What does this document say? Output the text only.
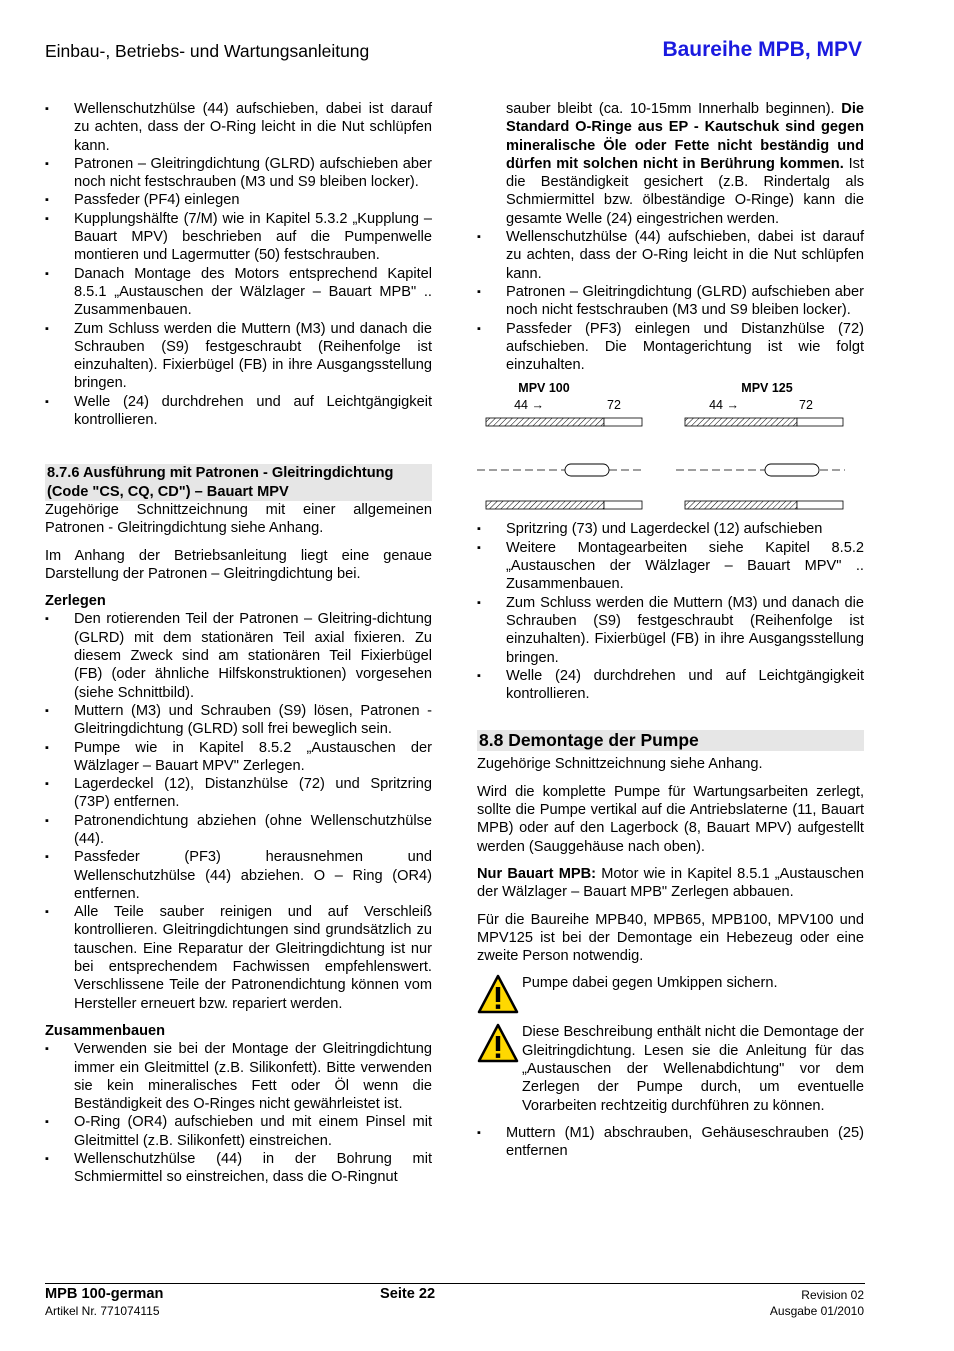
Einbau-, Betriebs- und Wartungsanleitung	Baureihe MPB, MPV
▪ Wellenschutzhülse (44) aufschieben, dabei ist darauf zu achten, dass der O-Ring leicht in die Nut schlüpfen kann.
▪ Patronen – Gleitringdichtung (GLRD) aufschieben aber noch nicht festschrauben (M3 und S9 bleiben locker).
▪ Passfeder (PF4) einlegen
▪ Kupplungshälfte (7/M) wie in Kapitel 5.3.2 „Kupplung – Bauart MPV) beschrieben auf die Pumpenwelle montieren und Lagermutter (50) festschrauben.
▪ Danach Montage des Motors entsprechend Kapitel 8.5.1 „Austauschen der Wälzlager – Bauart MPB" .. Zusammenbauen.
▪ Zum Schluss werden die Muttern (M3) und danach die Schrauben (S9) festgeschraubt (Reihenfolge ist einzuhalten). Fixierbügel (FB) in ihre Ausgangsstellung bringen.
▪ Welle (24) durchdrehen und auf Leichtgängigkeit kontrollieren.
8.7.6 Ausführung mit Patronen - Gleitringdichtung (Code "CS, CQ, CD") – Bauart MPV

Zugehörige Schnittzeichnung mit einer allgemeinen Patronen - Gleitringdichtung siehe Anhang.

Im Anhang der Betriebsanleitung liegt eine genaue Darstellung der Patronen – Gleitringdichtung bei.

Zerlegen
▪ Den rotierenden Teil der Patronen – Gleitring-dichtung (GLRD) mit dem stationären Teil axial fixieren. Zu diesem Zweck sind am stationären Teil Fixierbügel (FB) (oder ähnliche Hilfskonstruktionen) vorgesehen (siehe Schnittbild).
▪ Muttern (M3) und Schrauben (S9) lösen, Patronen - Gleitringdichtung (GLRD) soll frei beweglich sein.
▪ Pumpe wie in Kapitel 8.5.2 „Austauschen der Wälzlager – Bauart MPV" Zerlegen.
▪ Lagerdeckel (12), Distanzhülse (72) und Spritzring (73P) entfernen.
▪ Patronendichtung abziehen (ohne Wellenschutzhülse (44).
▪ Passfeder (PF3) herausnehmen und Wellenschutzhülse (44) abziehen. O – Ring (OR4) entfernen.
▪ Alle Teile sauber reinigen und auf Verschleiß kontrollieren. Gleitringdichtungen sind grundsätzlich zu tauschen. Eine Reparatur der Gleitringdichtung ist nur bei entsprechendem Fachwissen empfehlenswert. Verschlissene Teile der Patronendichtung können vom Hersteller erneuert bzw. repariert werden.
Zusammenbauen
▪ Verwenden sie bei der Montage der Gleitringdichtung immer ein Gleitmittel (z.B. Silikonfett). Bitte verwenden sie kein mineralisches Fett oder Öl wenn die Beständigkeit des O-Ringes nicht gewährleistet ist.
▪ O-Ring (OR4) aufschieben und mit einem Pinsel mit Gleitmittel (z.B. Silikonfett) einstreichen.
▪ Wellenschutzhülse (44) in der Bohrung mit Schmiermittel so einstreichen, dass die O-Ringnut

sauber bleibt (ca. 10-15mm Innerhalb beginnen). Die Standard O-Ringe aus EP - Kautschuk sind gegen mineralische Öle oder Fette nicht beständig und dürfen mit solchen nicht in Berührung kommen. Ist die Beständigkeit gesichert (z.B. Rindertalg als Schmiermittel bzw. ölbeständige O-Ringe) kann die gesamte Welle (24) eingestrichen werden.

▪ Wellenschutzhülse (44) aufschieben, dabei ist darauf zu achten, dass der O-Ring leicht in die Nut schlüpfen kann.
▪ Patronen – Gleitringdichtung (GLRD) aufschieben aber noch nicht festschrauben (M3 und S9 bleiben locker).
▪ Passfeder (PF3) einlegen und Distanzhülse (72) aufschieben. Die Montagerichtung ist wie folgt einzuhalten.
MPV 100
44 →	72
MPV 125
44 →	72
▪ Spritzring (73) und Lagerdeckel (12) aufschieben
▪ Weitere Montagearbeiten siehe Kapitel 8.5.2 „Austauschen der Wälzlager – Bauart MPV" .. Zusammenbauen.
▪ Zum Schluss werden die Muttern (M3) und danach die Schrauben (S9) festgeschraubt (Reihenfolge ist einzuhalten). Fixierbügel (FB) in ihre Ausgangsstellung bringen.
▪ Welle (24) durchdrehen und auf Leichtgängigkeit kontrollieren.
8.8 Demontage der Pumpe

Zugehörige Schnittzeichnung siehe Anhang.

Wird die komplette Pumpe für Wartungsarbeiten zerlegt, sollte die Pumpe vertikal auf die Antriebslaterne (11, Bauart MPB) oder auf den Lagerbock (8, Bauart MPV) aufgestellt werden (Sauggehäuse nach oben).

Nur Bauart MPB: Motor wie in Kapitel 8.5.1 „Austauschen der Wälzlager – Bauart MPB" Zerlegen abbauen.

Für die Baureihe MPB40, MPB65, MPB100, MPV100 und MPV125 ist bei der Demontage ein Hebezeug oder eine zweite Person notwendig.

Pumpe dabei gegen Umkippen sichern.

Diese Beschreibung enthält nicht die Demontage der Gleitringdichtung. Lesen sie die Anleitung für das „Austauschen der Wellenabdichtung" vor dem Zerlegen der Pumpe durch, um eventuelle Vorarbeiten rechtzeitig durchführen zu können.

▪ Muttern (M1) abschrauben, Gehäuseschrauben (25) entfernen
MPB 100-german
Artikel Nr. 771074115
Seite 22	Revision 02
Ausgabe 01/2010
